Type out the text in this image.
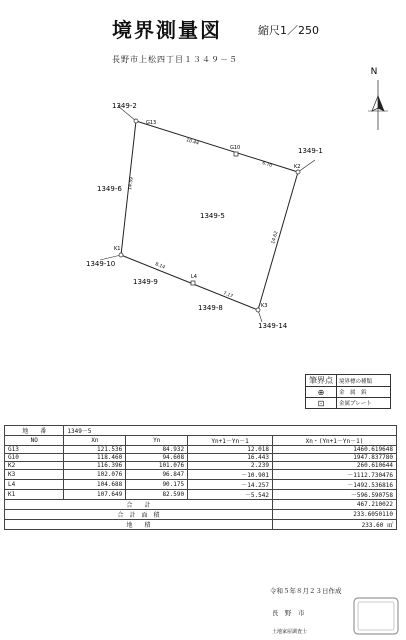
境界測量図	縮尺1／250
長野市上松四丁目１３４９－５
N
G13
G10
K2
K3
L4
K1
1349-2
1349-1
1349-6
1349-5
1349-10
1349-9
1349-8
1349-14
10.44
6.70
14.59
14.62
8.14
7.17
筆界点	境界標の種類
⊕	金　属　鋲
⊡	金属プレート
地　　番	1349－5			
NO	Xn	Yn	Yn+1－Yn－1	Xn・(Yn+1－Yn－1)
G13	121.536	84.932	12.018	1460.619648
G10	118.460	94.608	16.443	1947.837780
K2	116.396	101.076	2.239	260.610644
K3	102.076	96.847	－10.901	－1112.730476
L4	104.688	90.175	－14.257	－1492.536816
K1	107.649	82.590	－5.542	－596.590758
合　　計				467.210022
合　計　面　積				233.6050110
地　　積				233.60 ㎡
令和５年８月２３日作成
長　野　市
土地家屋調査士
